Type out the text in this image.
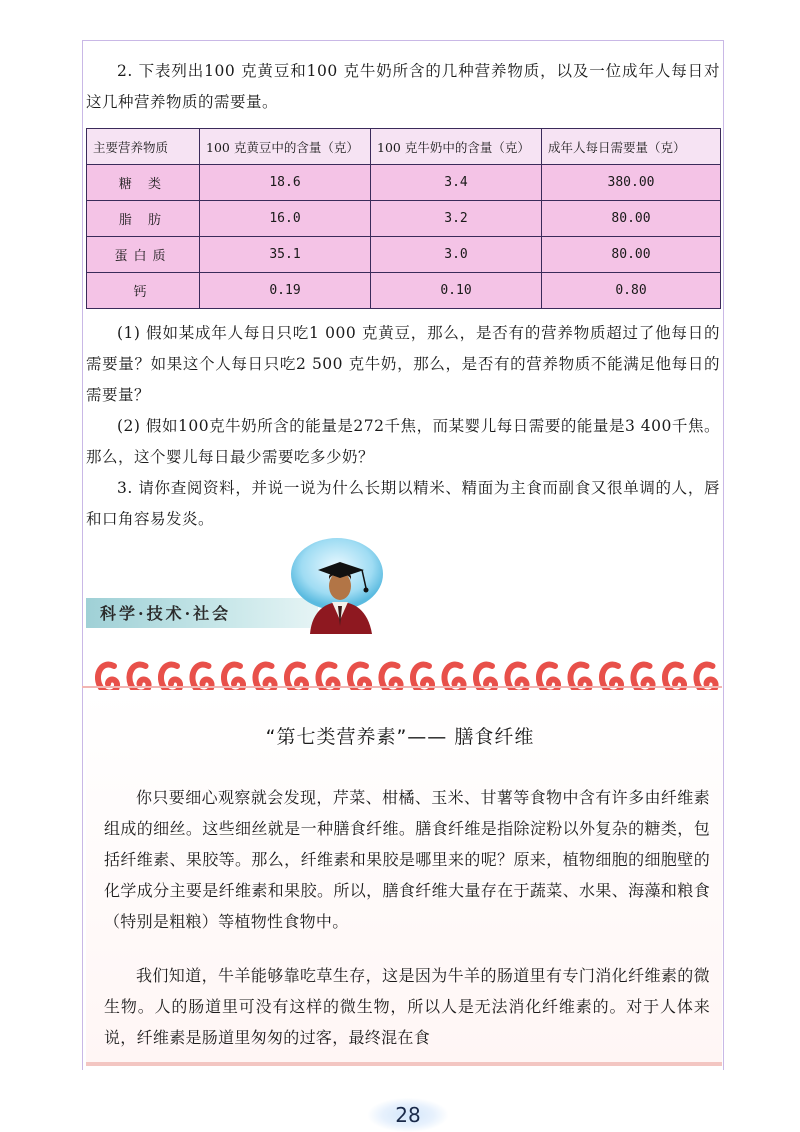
2. 下表列出100 克黄豆和100 克牛奶所含的几种营养物质，以及一位成年人每日对这几种营养物质的需要量。

主要营养物质	100 克黄豆中的含量（克）	100 克牛奶中的含量（克）	成年人每日需要量（克）
糖 类	18.6	3.4	380.00
脂 肪	16.0	3.2	80.00
蛋白质	35.1	3.0	80.00
钙	0.19	0.10	0.80

(1) 假如某成年人每日只吃1 000 克黄豆，那么，是否有的营养物质超过了他每日的需要量？如果这个人每日只吃2 500 克牛奶，那么，是否有的营养物质不能满足他每日的需要量？

(2) 假如100克牛奶所含的能量是272千焦，而某婴儿每日需要的能量是3 400千焦。那么，这个婴儿每日最少需要吃多少奶？

3. 请你查阅资料，并说一说为什么长期以精米、精面为主食而副食又很单调的人，唇和口角容易发炎。

科学·技术·社会
“第七类营养素”—— 膳食纤维

你只要细心观察就会发现，芹菜、柑橘、玉米、甘薯等食物中含有许多由纤维素组成的细丝。这些细丝就是一种膳食纤维。膳食纤维是指除淀粉以外复杂的糖类，包括纤维素、果胶等。那么，纤维素和果胶是哪里来的呢？原来，植物细胞的细胞壁的化学成分主要是纤维素和果胶。所以，膳食纤维大量存在于蔬菜、水果、海藻和粮食（特别是粗粮）等植物性食物中。

我们知道，牛羊能够靠吃草生存，这是因为牛羊的肠道里有专门消化纤维素的微生物。人的肠道里可没有这样的微生物，所以人是无法消化纤维素的。对于人体来说，纤维素是肠道里匆匆的过客，最终混在食

28
